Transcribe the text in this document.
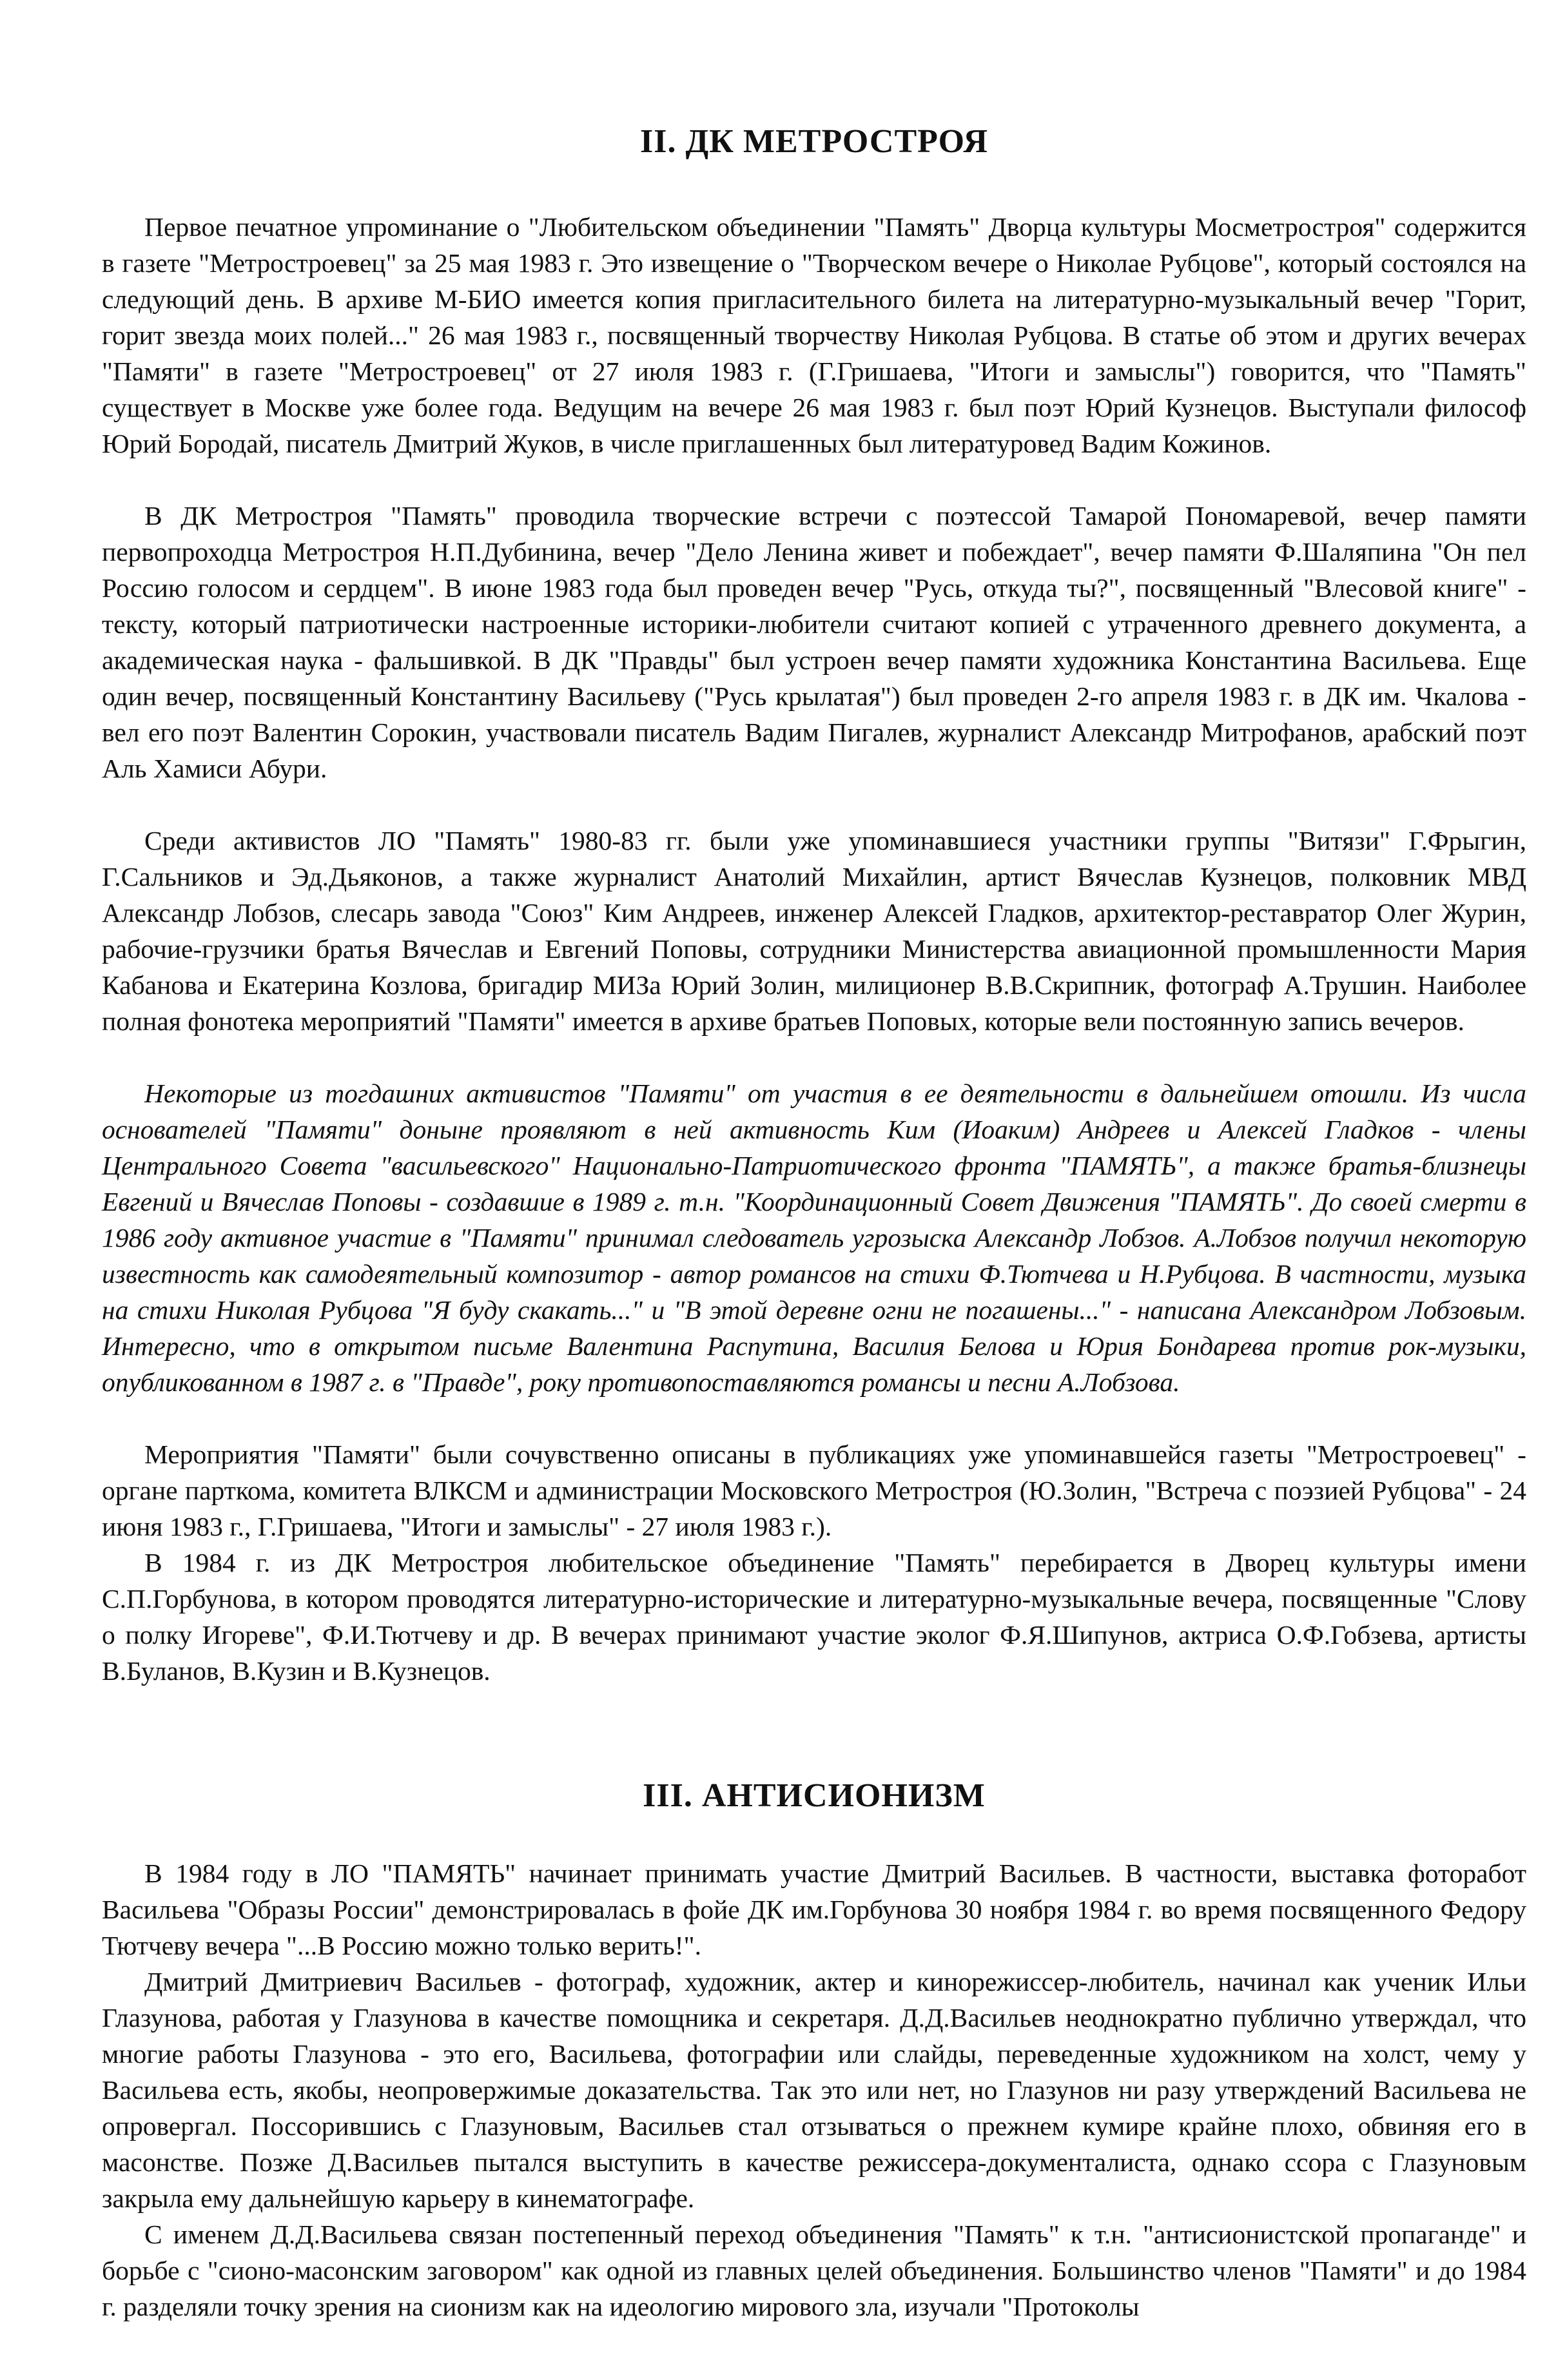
II. ДК МЕТРОСТРОЯ

Первое печатное упроминание о "Любительском объединении "Память" Дворца культуры Мосметростроя" содержится в газете "Метростроевец" за 25 мая 1983 г. Это извещение о "Творческом вечере о Николае Рубцове", который состоялся на следующий день. В архиве М-БИО имеется копия пригласительного билета на литературно-музыкальный вечер "Горит, горит звезда моих полей..." 26 мая 1983 г., посвященный творчеству Николая Рубцова. В статье об этом и других вечерах "Памяти" в газете "Метростроевец" от 27 июля 1983 г. (Г.Гришаева, "Итоги и замыслы") говорится, что "Память" существует в Москве уже более года. Ведущим на вечере 26 мая 1983 г. был поэт Юрий Кузнецов. Выступали философ Юрий Бородай, писатель Дмитрий Жуков, в числе приглашенных был литературовед Вадим Кожинов.

В ДК Метростроя "Память" проводила творческие встречи с поэтессой Тамарой Пономаревой, вечер памяти первопроходца Метростроя Н.П.Дубинина, вечер "Дело Ленина живет и побеждает", вечер памяти Ф.Шаляпина "Он пел Россию голосом и сердцем". В июне 1983 года был проведен вечер "Русь, откуда ты?", посвященный "Влесовой книге" - тексту, который патриотически настроенные историки-любители считают копией с утраченного древнего документа, а академическая наука - фальшивкой. В ДК "Правды" был устроен вечер памяти художника Константина Васильева. Еще один вечер, посвященный Константину Васильеву ("Русь крылатая") был проведен 2-го апреля 1983 г. в ДК им. Чкалова - вел его поэт Валентин Сорокин, участвовали писатель Вадим Пигалев, журналист Александр Митрофанов, арабский поэт Аль Хамиси Абури.

Среди активистов ЛО "Память" 1980-83 гг. были уже упоминавшиеся участники группы "Витязи" Г.Фрыгин, Г.Сальников и Эд.Дьяконов, а также журналист Анатолий Михайлин, артист Вячеслав Кузнецов, полковник МВД Александр Лобзов, слесарь завода "Союз" Ким Андреев, инженер Алексей Гладков, архитектор-реставратор Олег Журин, рабочие-грузчики братья Вячеслав и Евгений Поповы, сотрудники Министерства авиационной промышленности Мария Кабанова и Екатерина Козлова, бригадир МИЗа Юрий Золин, милиционер В.В.Скрипник, фотограф А.Трушин. Наиболее полная фонотека мероприятий "Памяти" имеется в архиве братьев Поповых, которые вели постоянную запись вечеров.

Некоторые из тогдашних активистов "Памяти" от участия в ее деятельности в дальнейшем отошли. Из числа основателей "Памяти" доныне проявляют в ней активность Ким (Иоаким) Андреев и Алексей Гладков - члены Центрального Совета "васильевского" Национально-Патриотического фронта "ПАМЯТЬ", а также братья-близнецы Евгений и Вячеслав Поповы - создавшие в 1989 г. т.н. "Координационный Совет Движения "ПАМЯТЬ". До своей смерти в 1986 году активное участие в "Памяти" принимал следователь угрозыска Александр Лобзов. А.Лобзов получил некоторую известность как самодеятельный композитор - автор романсов на стихи Ф.Тютчева и Н.Рубцова. В частности, музыка на стихи Николая Рубцова "Я буду скакать..." и "В этой деревне огни не погашены..." - написана Александром Лобзовым. Интересно, что в открытом письме Валентина Распутина, Василия Белова и Юрия Бондарева против рок-музыки, опубликованном в 1987 г. в "Правде", року противопоставляются романсы и песни А.Лобзова.

Мероприятия "Памяти" были сочувственно описаны в публикациях уже упоминавшейся газеты "Метростроевец" - органе парткома, комитета ВЛКСМ и администрации Московского Метростроя (Ю.Золин, "Встреча с поэзией Рубцова" - 24 июня 1983 г., Г.Гришаева, "Итоги и замыслы" - 27 июля 1983 г.).

В 1984 г. из ДК Метростроя любительское объединение "Память" перебирается в Дворец культуры имени С.П.Горбунова, в котором проводятся литературно-исторические и литературно-музыкальные вечера, посвященные "Слову о полку Игореве", Ф.И.Тютчеву и др. В вечерах принимают участие эколог Ф.Я.Шипунов, актриса О.Ф.Гобзева, артисты В.Буланов, В.Кузин и В.Кузнецов.

III. АНТИСИОНИЗМ

В 1984 году в ЛО "ПАМЯТЬ" начинает принимать участие Дмитрий Васильев. В частности, выставка фоторабот Васильева "Образы России" демонстрировалась в фойе ДК им.Горбунова 30 ноября 1984 г. во время посвященного Федору Тютчеву вечера "...В Россию можно только верить!".

Дмитрий Дмитриевич Васильев - фотограф, художник, актер и кинорежиссер-любитель, начинал как ученик Ильи Глазунова, работая у Глазунова в качестве помощника и секретаря. Д.Д.Васильев неоднократно публично утверждал, что многие работы Глазунова - это его, Васильева, фотографии или слайды, переведенные художником на холст, чему у Васильева есть, якобы, неопровержимые доказательства. Так это или нет, но Глазунов ни разу утверждений Васильева не опровергал. Поссорившись с Глазуновым, Васильев стал отзываться о прежнем кумире крайне плохо, обвиняя его в масонстве. Позже Д.Васильев пытался выступить в качестве режиссера-документалиста, однако ссора с Глазуновым закрыла ему дальнейшую карьеру в кинематографе.

С именем Д.Д.Васильева связан постепенный переход объединения "Память" к т.н. "антисионистской пропаганде" и борьбе с "сионо-масонским заговором" как одной из главных целей объединения. Большинство членов "Памяти" и до 1984 г. разделяли точку зрения на сионизм как на идеологию мирового зла, изучали "Протоколы
